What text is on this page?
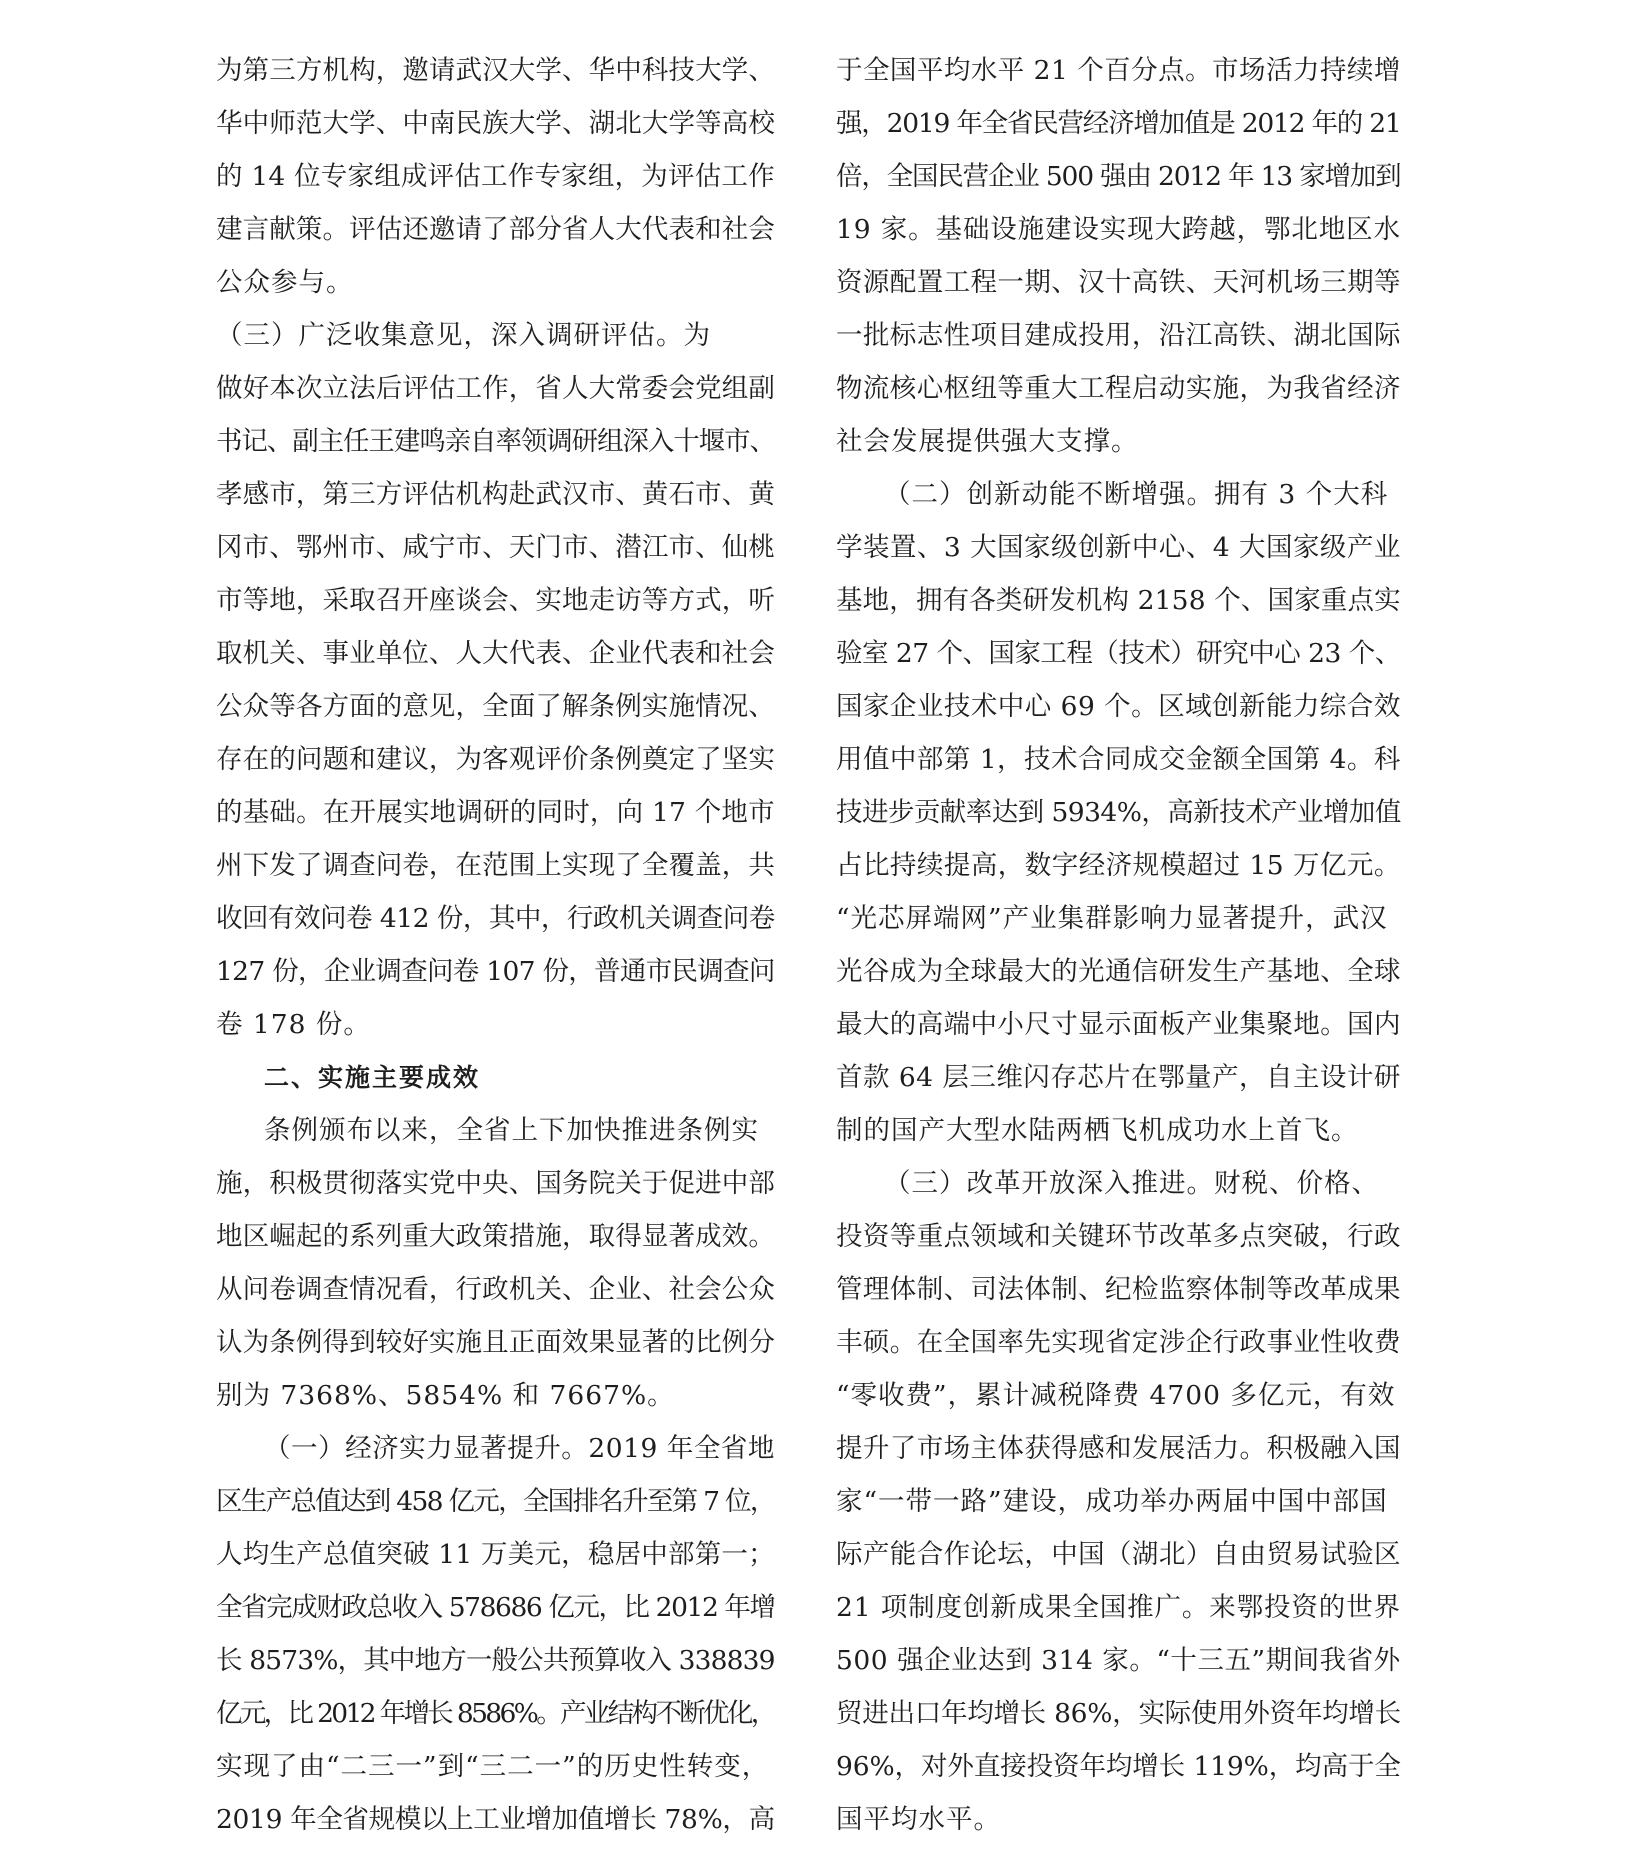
为第三方机构，邀请武汉大学、华中科技大学、
华中师范大学、中南民族大学、湖北大学等高校
的 14 位专家组成评估工作专家组，为评估工作
建言献策。评估还邀请了部分省人大代表和社会
公众参与。
（三）广泛收集意见，深入调研评估。为
做好本次立法后评估工作，省人大常委会党组副
书记、副主任王建鸣亲自率领调研组深入十堰市、
孝感市，第三方评估机构赴武汉市、黄石市、黄
冈市、鄂州市、咸宁市、天门市、潜江市、仙桃
市等地，采取召开座谈会、实地走访等方式，听
取机关、事业单位、人大代表、企业代表和社会
公众等各方面的意见，全面了解条例实施情况、
存在的问题和建议，为客观评价条例奠定了坚实
的基础。在开展实地调研的同时，向 17 个地市
州下发了调查问卷，在范围上实现了全覆盖，共
收回有效问卷 412 份，其中，行政机关调查问卷
127 份，企业调查问卷 107 份，普通市民调查问
卷 178 份。
二、实施主要成效
条例颁布以来，全省上下加快推进条例实
施，积极贯彻落实党中央、国务院关于促进中部
地区崛起的系列重大政策措施，取得显著成效。
从问卷调查情况看，行政机关、企业、社会公众
认为条例得到较好实施且正面效果显著的比例分
别为 7368%、5854% 和 7667%。
（一）经济实力显著提升。2019 年全省地
区生产总值达到 458 亿元，全国排名升至第 7 位，
人均生产总值突破 11 万美元，稳居中部第一；
全省完成财政总收入 578686 亿元，比 2012 年增
长 8573%，其中地方一般公共预算收入 338839
亿元，比 2012 年增长 8586%。产业结构不断优化，
实现了由“二三一”到“三二一”的历史性转变，
2019 年全省规模以上工业增加值增长 78%，高
于全国平均水平 21 个百分点。市场活力持续增
强，2019 年全省民营经济增加值是 2012 年的 21
倍，全国民营企业 500 强由 2012 年 13 家增加到
19 家。基础设施建设实现大跨越，鄂北地区水
资源配置工程一期、汉十高铁、天河机场三期等
一批标志性项目建成投用，沿江高铁、湖北国际
物流核心枢纽等重大工程启动实施，为我省经济
社会发展提供强大支撑。
（二）创新动能不断增强。拥有 3 个大科
学装置、3 大国家级创新中心、4 大国家级产业
基地，拥有各类研发机构 2158 个、国家重点实
验室 27 个、国家工程（技术）研究中心 23 个、
国家企业技术中心 69 个。区域创新能力综合效
用值中部第 1，技术合同成交金额全国第 4。科
技进步贡献率达到 5934%，高新技术产业增加值
占比持续提高，数字经济规模超过 15 万亿元。
“光芯屏端网”产业集群影响力显著提升，武汉
光谷成为全球最大的光通信研发生产基地、全球
最大的高端中小尺寸显示面板产业集聚地。国内
首款 64 层三维闪存芯片在鄂量产，自主设计研
制的国产大型水陆两栖飞机成功水上首飞。
（三）改革开放深入推进。财税、价格、
投资等重点领域和关键环节改革多点突破，行政
管理体制、司法体制、纪检监察体制等改革成果
丰硕。在全国率先实现省定涉企行政事业性收费
“零收费”，累计减税降费 4700 多亿元，有效
提升了市场主体获得感和发展活力。积极融入国
家“一带一路”建设，成功举办两届中国中部国
际产能合作论坛，中国（湖北）自由贸易试验区
21 项制度创新成果全国推广。来鄂投资的世界
500 强企业达到 314 家。“十三五”期间我省外
贸进出口年均增长 86%，实际使用外资年均增长
96%，对外直接投资年均增长 119%，均高于全
国平均水平。
